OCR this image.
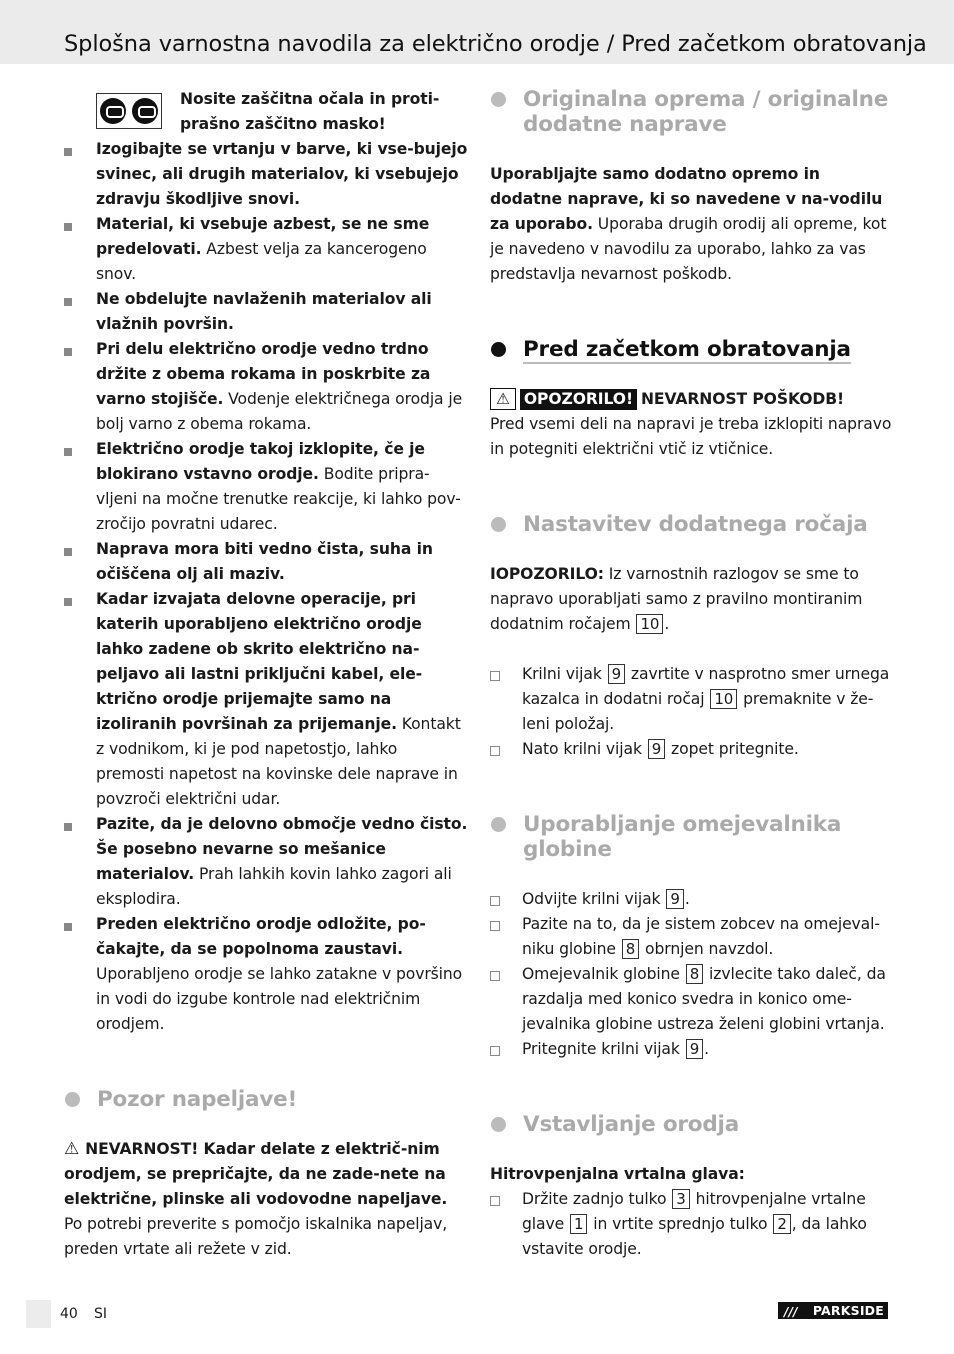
Splošna varnostna navodila za električno orodje / Pred začetkom obratovanja
Nosite zaščitna očala in proti-
prašno zaščitno masko!
Izogibajte se vrtanju v barve, ki vse-bujejo svinec, ali drugih materialov, ki vsebujejo zdravju škodljive snovi.
Material, ki vsebuje azbest, se ne sme predelovati. Azbest velja za kancerogeno snov.
Ne obdelujte navlaženih materialov ali vlažnih površin.
Pri delu električno orodje vedno trdno držite z obema rokama in poskrbite za varno stojišče. Vodenje električnega orodja je bolj varno z obema rokama.
Električno orodje takoj izklopite, če je blokirano vstavno orodje. Bodite pripra-vljeni na močne trenutke reakcije, ki lahko pov-zročijo povratni udarec.
Naprava mora biti vedno čista, suha in očiščena olj ali maziv.
Kadar izvajata delovne operacije, pri katerih uporabljeno električno orodje lahko zadene ob skrito električno na-peljavo ali lastni priključni kabel, ele-ktrično orodje prijemajte samo na izoliranih površinah za prijemanje. Kontakt z vodnikom, ki je pod napetostjo, lahko premosti napetost na kovinske dele naprave in povzroči električni udar.
Pazite, da je delovno območje vedno čisto. Še posebno nevarne so mešanice materialov. Prah lahkih kovin lahko zagori ali eksplodira.
Preden električno orodje odložite, po-čakajte, da se popolnoma zaustavi. Uporabljeno orodje se lahko zatakne v površino in vodi do izgube kontrole nad električnim orodjem.
Pozor napeljave!
⚠ NEVARNOST! Kadar delate z električ-nim orodjem, se prepričajte, da ne zade-nete na električne, plinske ali vodovodne napeljave. Po potrebi preverite s pomočjo iskalnika napeljav, preden vrtate ali režete v zid.
Originalna oprema / originalne dodatne naprave
Uporabljajte samo dodatno opremo in dodatne naprave, ki so navedene v na-vodilu za uporabo. Uporaba drugih orodij ali opreme, kot je navedeno v navodilu za uporabo, lahko za vas predstavlja nevarnost poškodb.
Pred začetkom obratovanja
⚠ OPOZORILO! NEVARNOST POŠKODB!
Pred vsemi deli na napravi je treba izklopiti napravo in potegniti električni vtič iz vtičnice.
Nastavitev dodatnega ročaja
IOPOZORILO: Iz varnostnih razlogov se sme to napravo uporabljati samo z pravilno montiranim dodatnim ročajem 10 .
Krilni vijak 9 zavrtite v nasprotno smer urnega kazalca in dodatni ročaj 10 premaknite v že-leni položaj.
Nato krilni vijak 9 zopet pritegnite.
Uporabljanje omejevalnika globine
Odvijte krilni vijak 9 .
Pazite na to, da je sistem zobcev na omejeval-niku globine 8 obrnjen navzdol.
Omejevalnik globine 8 izvlecite tako daleč, da razdalja med konico svedra in konico ome-jevalnika globine ustreza želeni globini vrtanja.
Pritegnite krilni vijak 9 .
Vstavljanje orodja
Hitrovpenjalna vrtalna glava:
Držite zadnjo tulko 3 hitrovpenjalne vrtalne glave 1 in vrtite sprednjo tulko 2 , da lahko vstavite orodje.
40 SI	/// PARKSIDE
